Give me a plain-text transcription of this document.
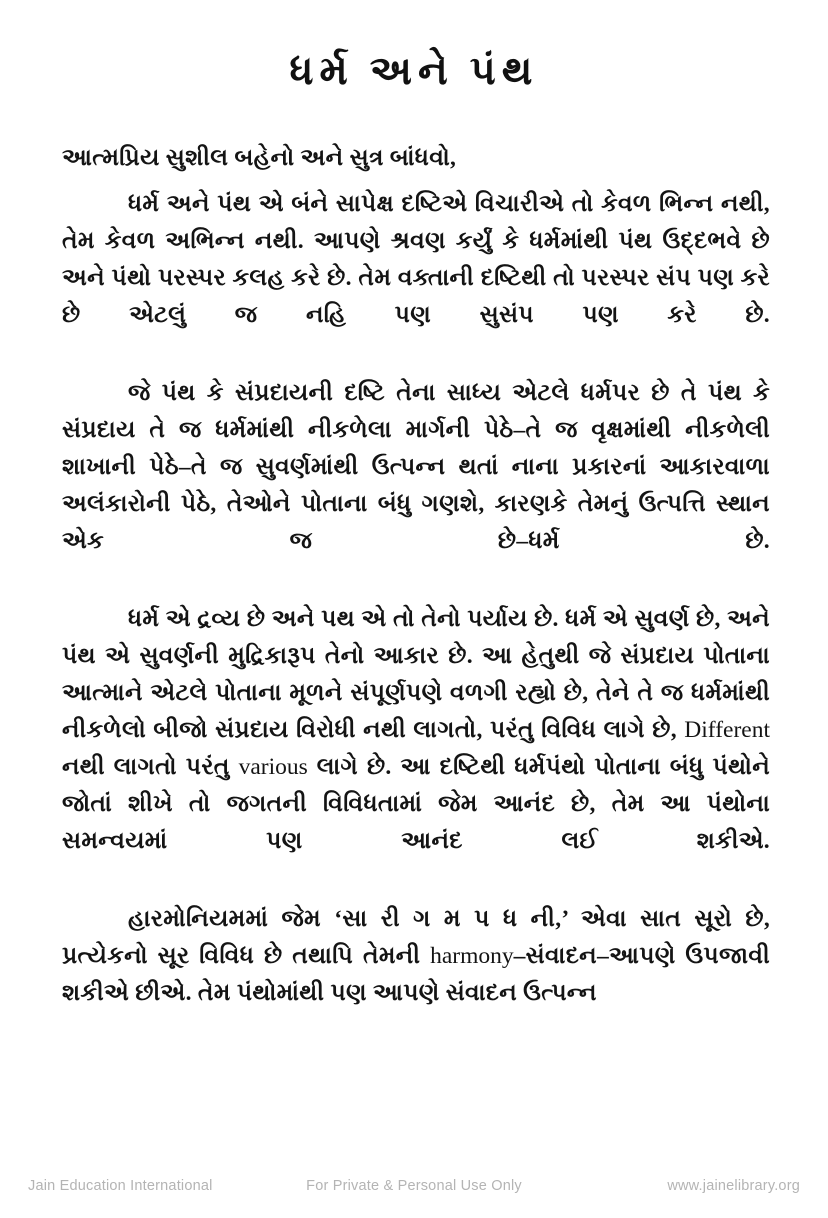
ધર્મ અને પંથ

આત્મપ્રિય સુશીલ બહેનો અને સુત્ર બાંધવો,

ધર્મ અને પંથ એ બંને સાપેક્ષ દષ્ટિએ વિચારીએ તો કેવળ ભિન્ન નથી, તેમ કેવળ અભિન્ન નથી. આપણે શ્રવણ કર્યું કે ધર્મમાંથી પંથ ઉદ્દભવે છે અને પંથો પરસ્પર કલહ કરે છે. તેમ વક્તાની દષ્ટિથી તો પરસ્પર સંપ પણ કરે છે એટલું જ નહિ પણ સુસંપ પણ કરે છે.

જે પંથ કે સંપ્રદાયની દષ્ટિ તેના સાધ્ય એટલે ધર્મપર છે તે પંથ કે સંપ્રદાય તે જ ધર્મમાંથી નીકળેલા માર્ગની પેઠે–તે જ વૃક્ષમાંથી નીકળેલી શાખાની પેઠે–તે જ સુવર્ણમાંથી ઉત્પન્ન થતાં નાના પ્રકારનાં આકારવાળા અલંકારોની પેઠે, તેઓને પોતાના બંધુ ગણશે, કારણકે તેમનું ઉત્પત્તિ સ્થાન એક જ છે–ધર્મ છે.

ધર્મ એ દ્રવ્ય છે અને પથ એ તો તેનો પર્યાય છે. ધર્મ એ સુવર્ણ છે, અને પંથ એ સુવર્ણની મુદ્રિકારૂપ તેનો આકાર છે. આ હેતુથી જે સંપ્રદાય પોતાના આત્માને એટલે પોતાના મૂળને સંપૂર્ણપણે વળગી રહ્યો છે, તેને તે જ ધર્મમાંથી નીકળેલો બીજો સંપ્રદાય વિરોધી નથી લાગતો, પરંતુ વિવિધ લાગે છે, Different નથી લાગતો પરંતુ various લાગે છે. આ દષ્ટિથી ધર્મપંથો પોતાના બંધુ પંથોને જોતાં શીખે તો જગતની વિવિધતામાં જેમ આનંદ છે, તેમ આ પંથોના સમન્વયમાં પણ આનંદ લઈ શકીએ.

હારમોનિયમમાં જેમ ‘સા રી ગ મ પ ધ ની,’ એવા સાત સૂરો છે, પ્રત્યેકનો સૂર વિવિધ છે તથાપિ તેમની harmony–સંવાદન–આપણે ઉપજાવી શકીએ છીએ. તેમ પંથોમાંથી પણ આપણે સંવાદન ઉત્પન્ન

Jain Education International	For Private & Personal Use Only	www.jainelibrary.org
